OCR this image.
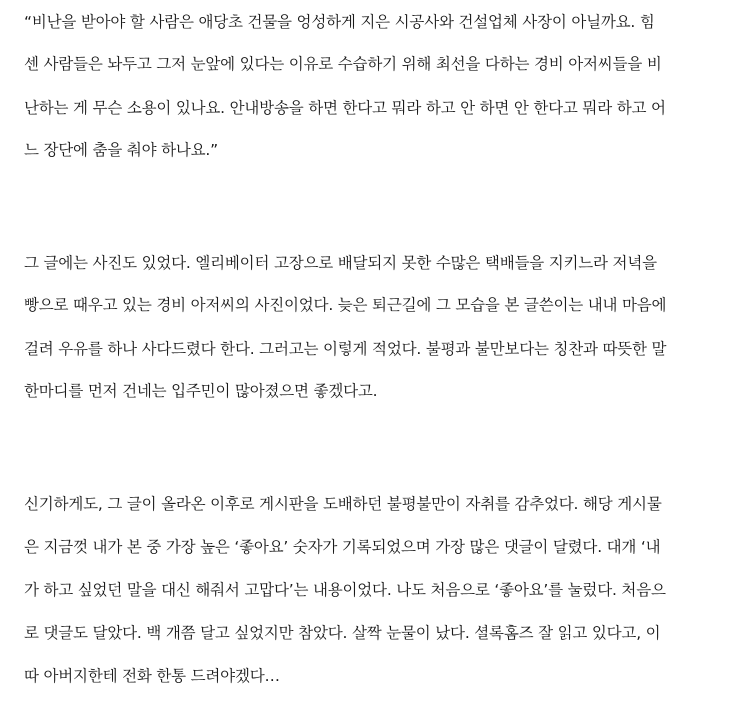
“비난을 받아야 할 사람은 애당초 건물을 엉성하게 지은 시공사와 건설업체 사장이 아닐까요. 힘
센 사람들은 놔두고 그저 눈앞에 있다는 이유로 수습하기 위해 최선을 다하는 경비 아저씨들을 비
난하는 게 무슨 소용이 있나요. 안내방송을 하면 한다고 뭐라 하고 안 하면 안 한다고 뭐라 하고 어
느 장단에 춤을 춰야 하나요.”
그 글에는 사진도 있었다. 엘리베이터 고장으로 배달되지 못한 수많은 택배들을 지키느라 저녁을
빵으로 때우고 있는 경비 아저씨의 사진이었다. 늦은 퇴근길에 그 모습을 본 글쓴이는 내내 마음에
걸려 우유를 하나 사다드렸다 한다. 그러고는 이렇게 적었다. 불평과 불만보다는 칭찬과 따뜻한 말
한마디를 먼저 건네는 입주민이 많아졌으면 좋겠다고.
신기하게도, 그 글이 올라온 이후로 게시판을 도배하던 불평불만이 자취를 감추었다. 해당 게시물
은 지금껏 내가 본 중 가장 높은 ‘좋아요’ 숫자가 기록되었으며 가장 많은 댓글이 달렸다. 대개 ‘내
가 하고 싶었던 말을 대신 해줘서 고맙다’는 내용이었다. 나도 처음으로 ‘좋아요’를 눌렀다. 처음으
로 댓글도 달았다. 백 개쯤 달고 싶었지만 참았다. 살짝 눈물이 났다. 셜록홈즈 잘 읽고 있다고, 이
따 아버지한테 전화 한통 드려야겠다…
